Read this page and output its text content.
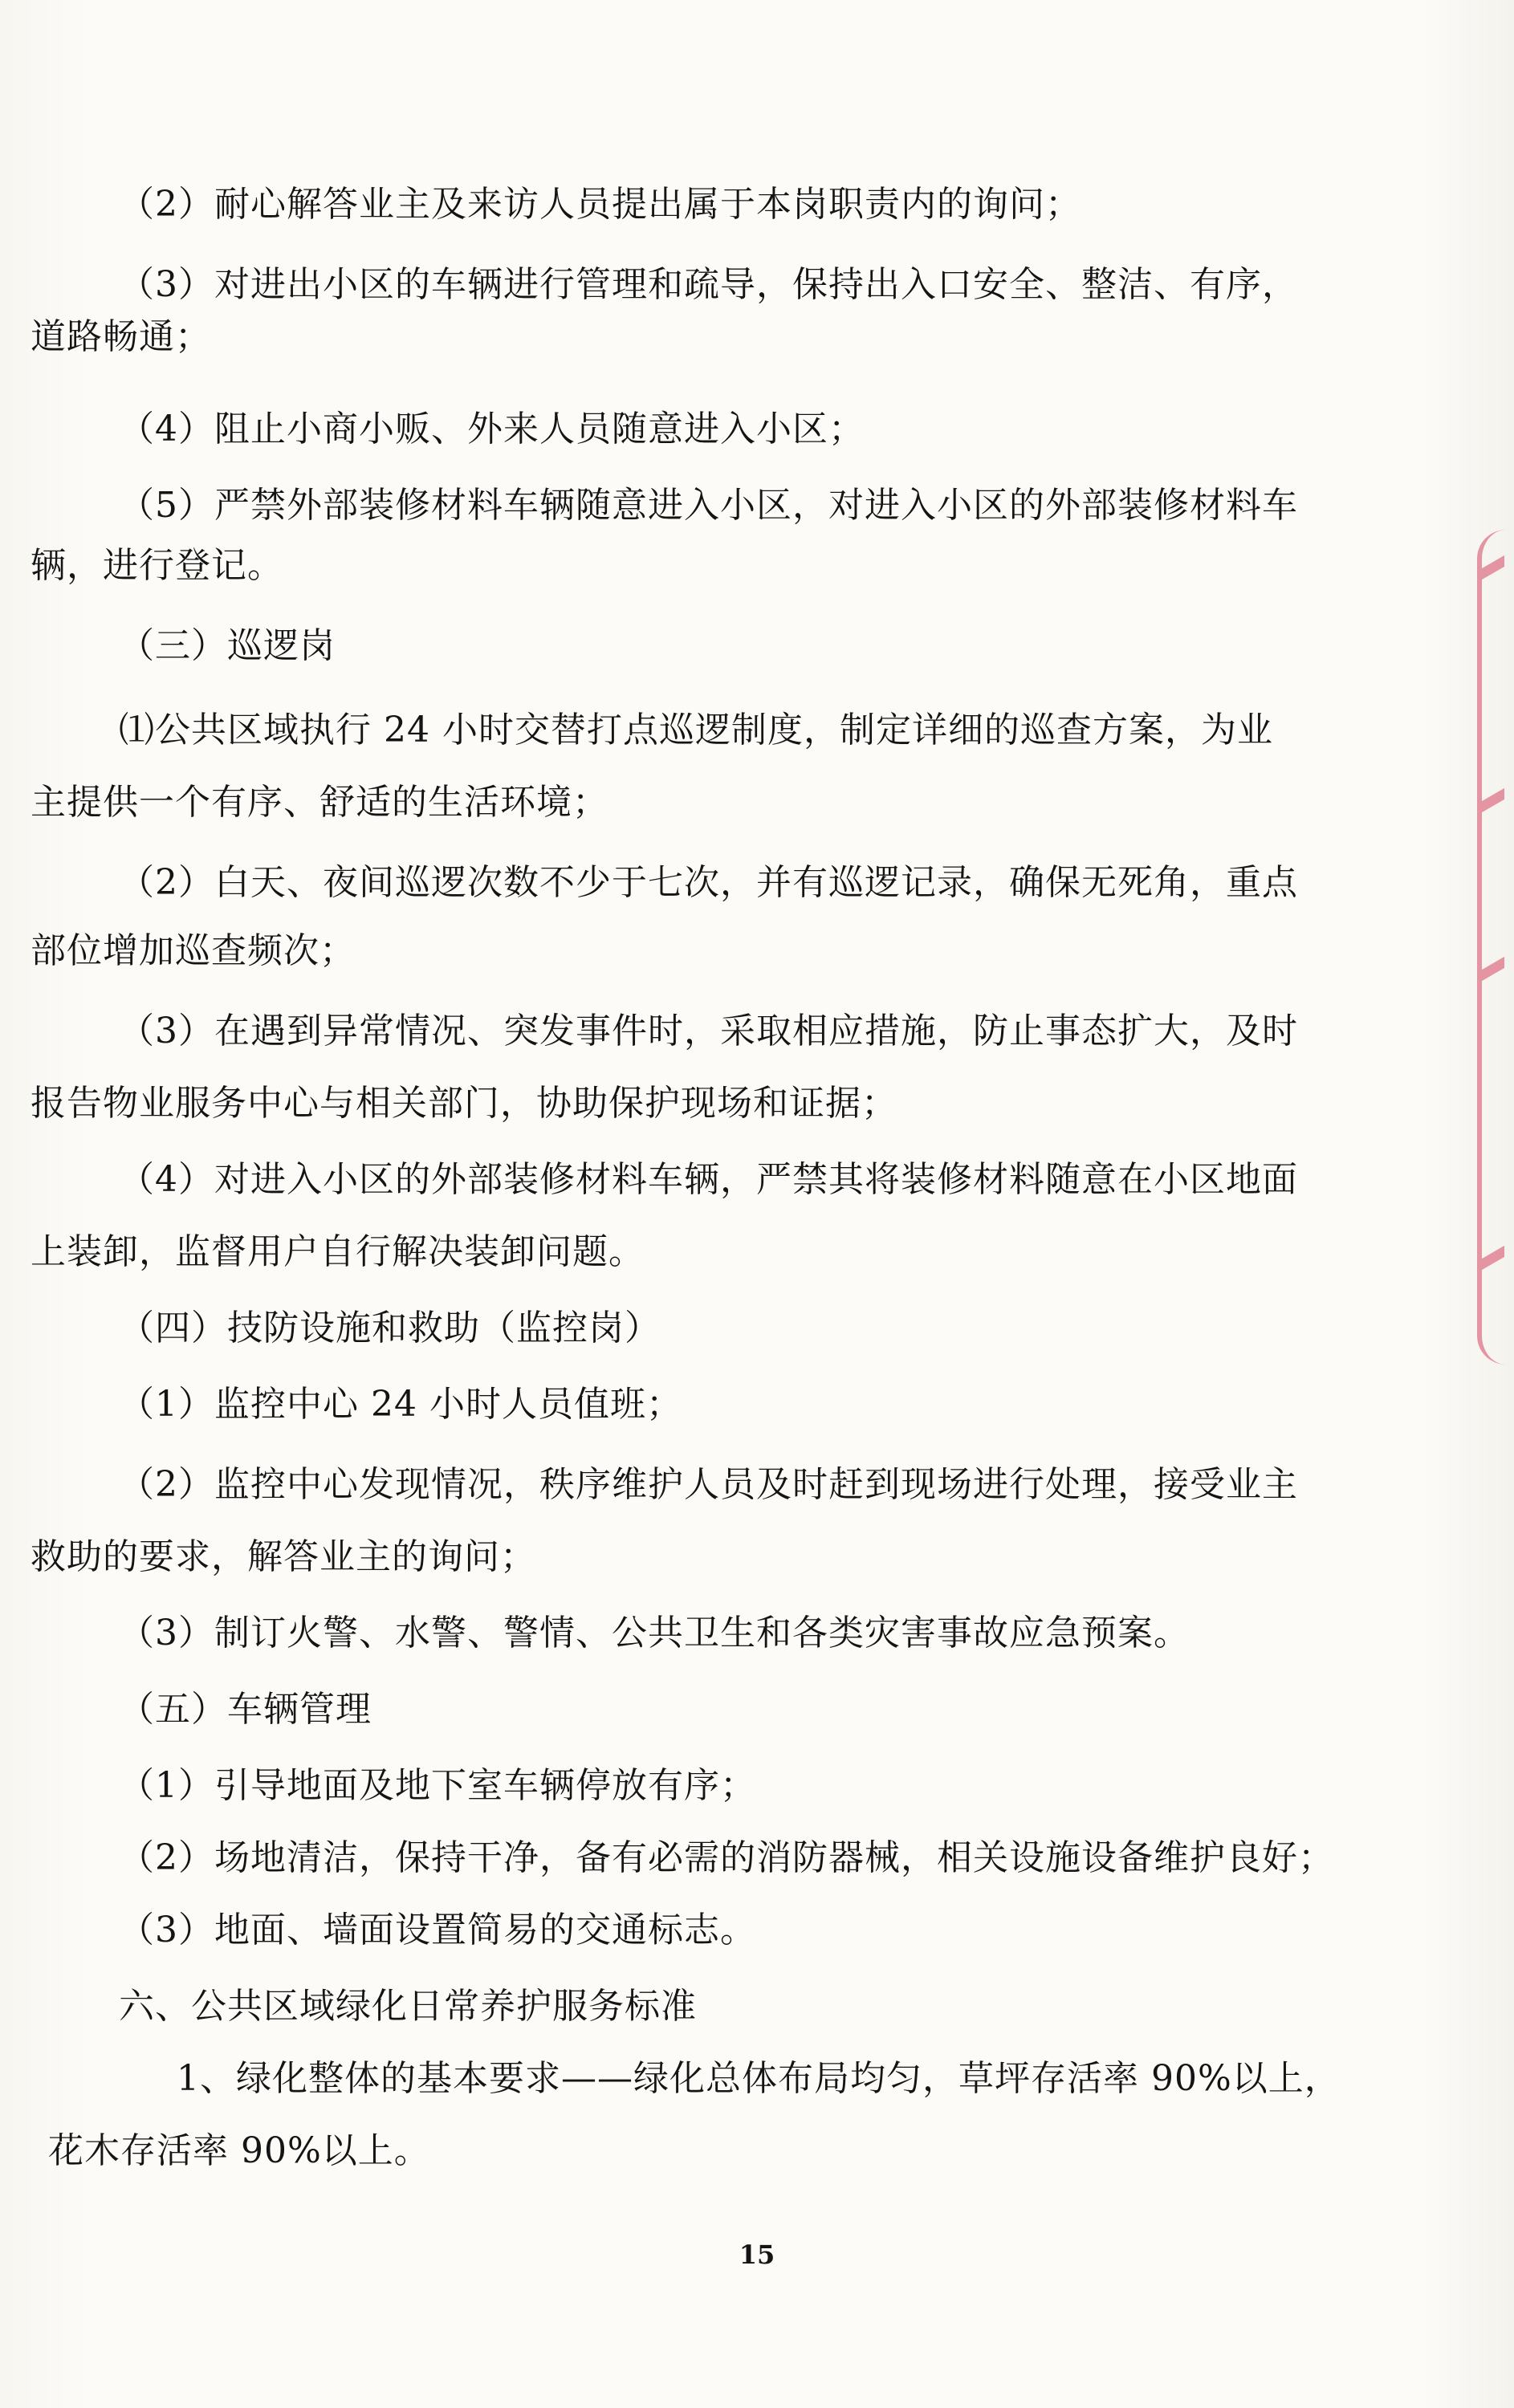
（2）耐心解答业主及来访人员提出属于本岗职责内的询问；
（3）对进出小区的车辆进行管理和疏导，保持出入口安全、整洁、有序，
道路畅通；
（4）阻止小商小贩、外来人员随意进入小区；
（5）严禁外部装修材料车辆随意进入小区，对进入小区的外部装修材料车
辆，进行登记。
（三）巡逻岗
⑴公共区域执行 24 小时交替打点巡逻制度，制定详细的巡查方案，为业
主提供一个有序、舒适的生活环境；
（2）白天、夜间巡逻次数不少于七次，并有巡逻记录，确保无死角，重点
部位增加巡查频次；
（3）在遇到异常情况、突发事件时，采取相应措施，防止事态扩大，及时
报告物业服务中心与相关部门，协助保护现场和证据；
（4）对进入小区的外部装修材料车辆，严禁其将装修材料随意在小区地面
上装卸，监督用户自行解决装卸问题。
（四）技防设施和救助（监控岗）
（1）监控中心 24 小时人员值班；
（2）监控中心发现情况，秩序维护人员及时赶到现场进行处理，接受业主
救助的要求，解答业主的询问；
（3）制订火警、水警、警情、公共卫生和各类灾害事故应急预案。
（五）车辆管理
（1）引导地面及地下室车辆停放有序；
（2）场地清洁，保持干净，备有必需的消防器械，相关设施设备维护良好；
（3）地面、墙面设置简易的交通标志。
六、公共区域绿化日常养护服务标准
1、绿化整体的基本要求——绿化总体布局均匀，草坪存活率 90%以上，
花木存活率 90%以上。
15
